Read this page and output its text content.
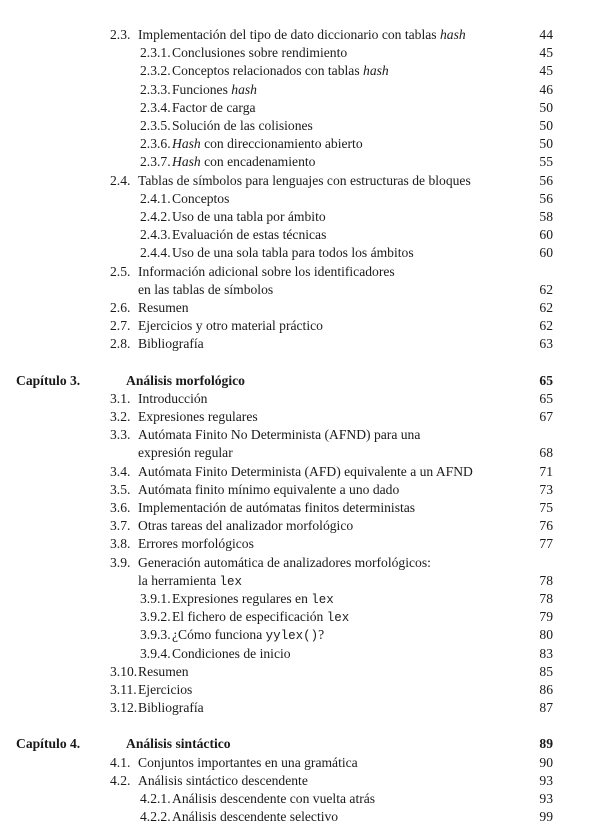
2.3. Implementación del tipo de dato diccionario con tablas hash	44
2.3.1. Conclusiones sobre rendimiento	45
2.3.2. Conceptos relacionados con tablas hash	45
2.3.3. Funciones hash	46
2.3.4. Factor de carga	50
2.3.5. Solución de las colisiones	50
2.3.6. Hash con direccionamiento abierto	50
2.3.7. Hash con encadenamiento	55
2.4. Tablas de símbolos para lenguajes con estructuras de bloques	56
2.4.1. Conceptos	56
2.4.2. Uso de una tabla por ámbito	58
2.4.3. Evaluación de estas técnicas	60
2.4.4. Uso de una sola tabla para todos los ámbitos	60
2.5. Información adicional sobre los identificadores
en las tablas de símbolos	62
2.6. Resumen	62
2.7. Ejercicios y otro material práctico	62
2.8. Bibliografía	63
Capítulo 3.	Análisis morfológico	65
3.1. Introducción	65
3.2. Expresiones regulares	67
3.3. Autómata Finito No Determinista (AFND) para una
expresión regular	68
3.4. Autómata Finito Determinista (AFD) equivalente a un AFND	71
3.5. Autómata finito mínimo equivalente a uno dado	73
3.6. Implementación de autómatas finitos deterministas	75
3.7. Otras tareas del analizador morfológico	76
3.8. Errores morfológicos	77
3.9. Generación automática de analizadores morfológicos:
la herramienta lex	78
3.9.1. Expresiones regulares en lex	78
3.9.2. El fichero de especificación lex	79
3.9.3. ¿Cómo funciona yylex()?	80
3.9.4. Condiciones de inicio	83
3.10. Resumen	85
3.11. Ejercicios	86
3.12. Bibliografía	87
Capítulo 4.	Análisis sintáctico	89
4.1. Conjuntos importantes en una gramática	90
4.2. Análisis sintáctico descendente	93
4.2.1. Análisis descendente con vuelta atrás	93
4.2.2. Análisis descendente selectivo	99
